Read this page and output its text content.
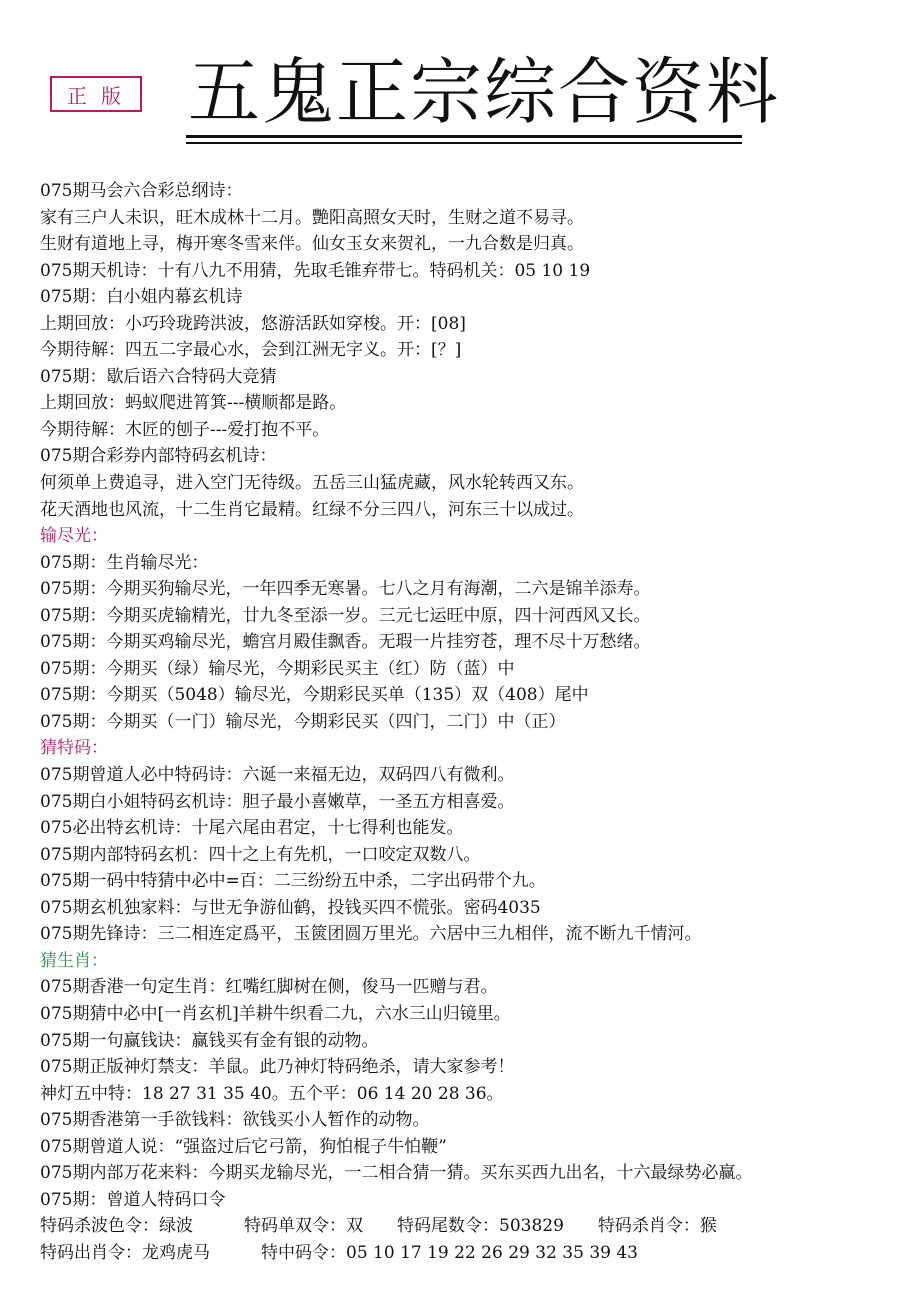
正 版 五鬼正宗综合资料
075期马会六合彩总纲诗：
家有三户人未识，旺木成林十二月。艷阳高照女天时，生财之道不易寻。
生财有道地上寻，梅开寒冬雪来伴。仙女玉女来贺礼，一九合数是归真。
075期天机诗：十有八九不用猜，先取毛锥弃带七。特码机关：05 10 19
075期：白小姐内幕玄机诗
上期回放：小巧玲珑跨洪波，悠游活跃如穿梭。开：[08]
今期待解：四五二字最心水，会到江洲无字义。开：[？]
075期：歇后语六合特码大竞猜
上期回放：蚂蚁爬进筲箕---横顺都是路。
今期待解：木匠的刨子---爱打抱不平。
075期合彩券内部特码玄机诗：
何须单上费追寻，进入空门无待级。五岳三山猛虎藏，风水轮转西又东。
花天酒地也风流，十二生肖它最精。红绿不分三四八，河东三十以成过。
输尽光：
075期：生肖输尽光：
075期：今期买狗输尽光，一年四季无寒暑。七八之月有海潮，二六是锦羊添寿。
075期：今期买虎输精光，廿九冬至添一岁。三元七运旺中原，四十河西风又长。
075期：今期买鸡输尽光，蟾宫月殿佳飘香。无瑕一片挂穷苍，理不尽十万愁绪。
075期：今期买（绿）输尽光，今期彩民买主（红）防（蓝）中
075期：今期买（5048）输尽光，今期彩民买单（135）双（408）尾中
075期：今期买（一门）输尽光，今期彩民买（四门，二门）中（正）
猜特码：
075期曾道人必中特码诗：六诞一来福无边，双码四八有微利。
075期白小姐特码玄机诗：胆子最小喜嫩草，一圣五方相喜爱。
075必出特玄机诗：十尾六尾由君定，十七得利也能发。
075期内部特码玄机：四十之上有先机，一口咬定双数八。
075期一码中特猜中必中=百：二三纷纷五中杀，二字出码带个九。
075期玄机独家料：与世无争游仙鹤，投钱买四不慌张。密码4035
075期先锋诗：三二相连定爲平，玉篋团圆万里光。六居中三九相伴，流不断九千情河。
猜生肖：
075期香港一句定生肖：红嘴红脚树在侧，俊马一匹赠与君。
075期猜中必中[一肖玄机]羊耕牛织看二九，六水三山归镜里。
075期一句赢钱诀：赢钱买有金有银的动物。
075期正版神灯禁支：羊鼠。此乃神灯特码绝杀，请大家参考！
神灯五中特：18 27 31 35 40。五个平：06 14 20 28 36。
075期香港第一手欲钱料：欲钱买小人暂作的动物。
075期曾道人说：“强盗过后它弓箭，狗怕棍子牛怕鞭”
075期内部万花来料：今期买龙输尽光，一二相合猜一猜。买东买西九出名，十六最绿势必赢。
075期：曾道人特码口令
特码杀波色令：绿波　　　特码单双令：双　　特码尾数令：503829　　特码杀肖令：猴
特码出肖令：龙鸡虎马　　　特中码令：05 10 17 19 22 26 29 32 35 39 43
